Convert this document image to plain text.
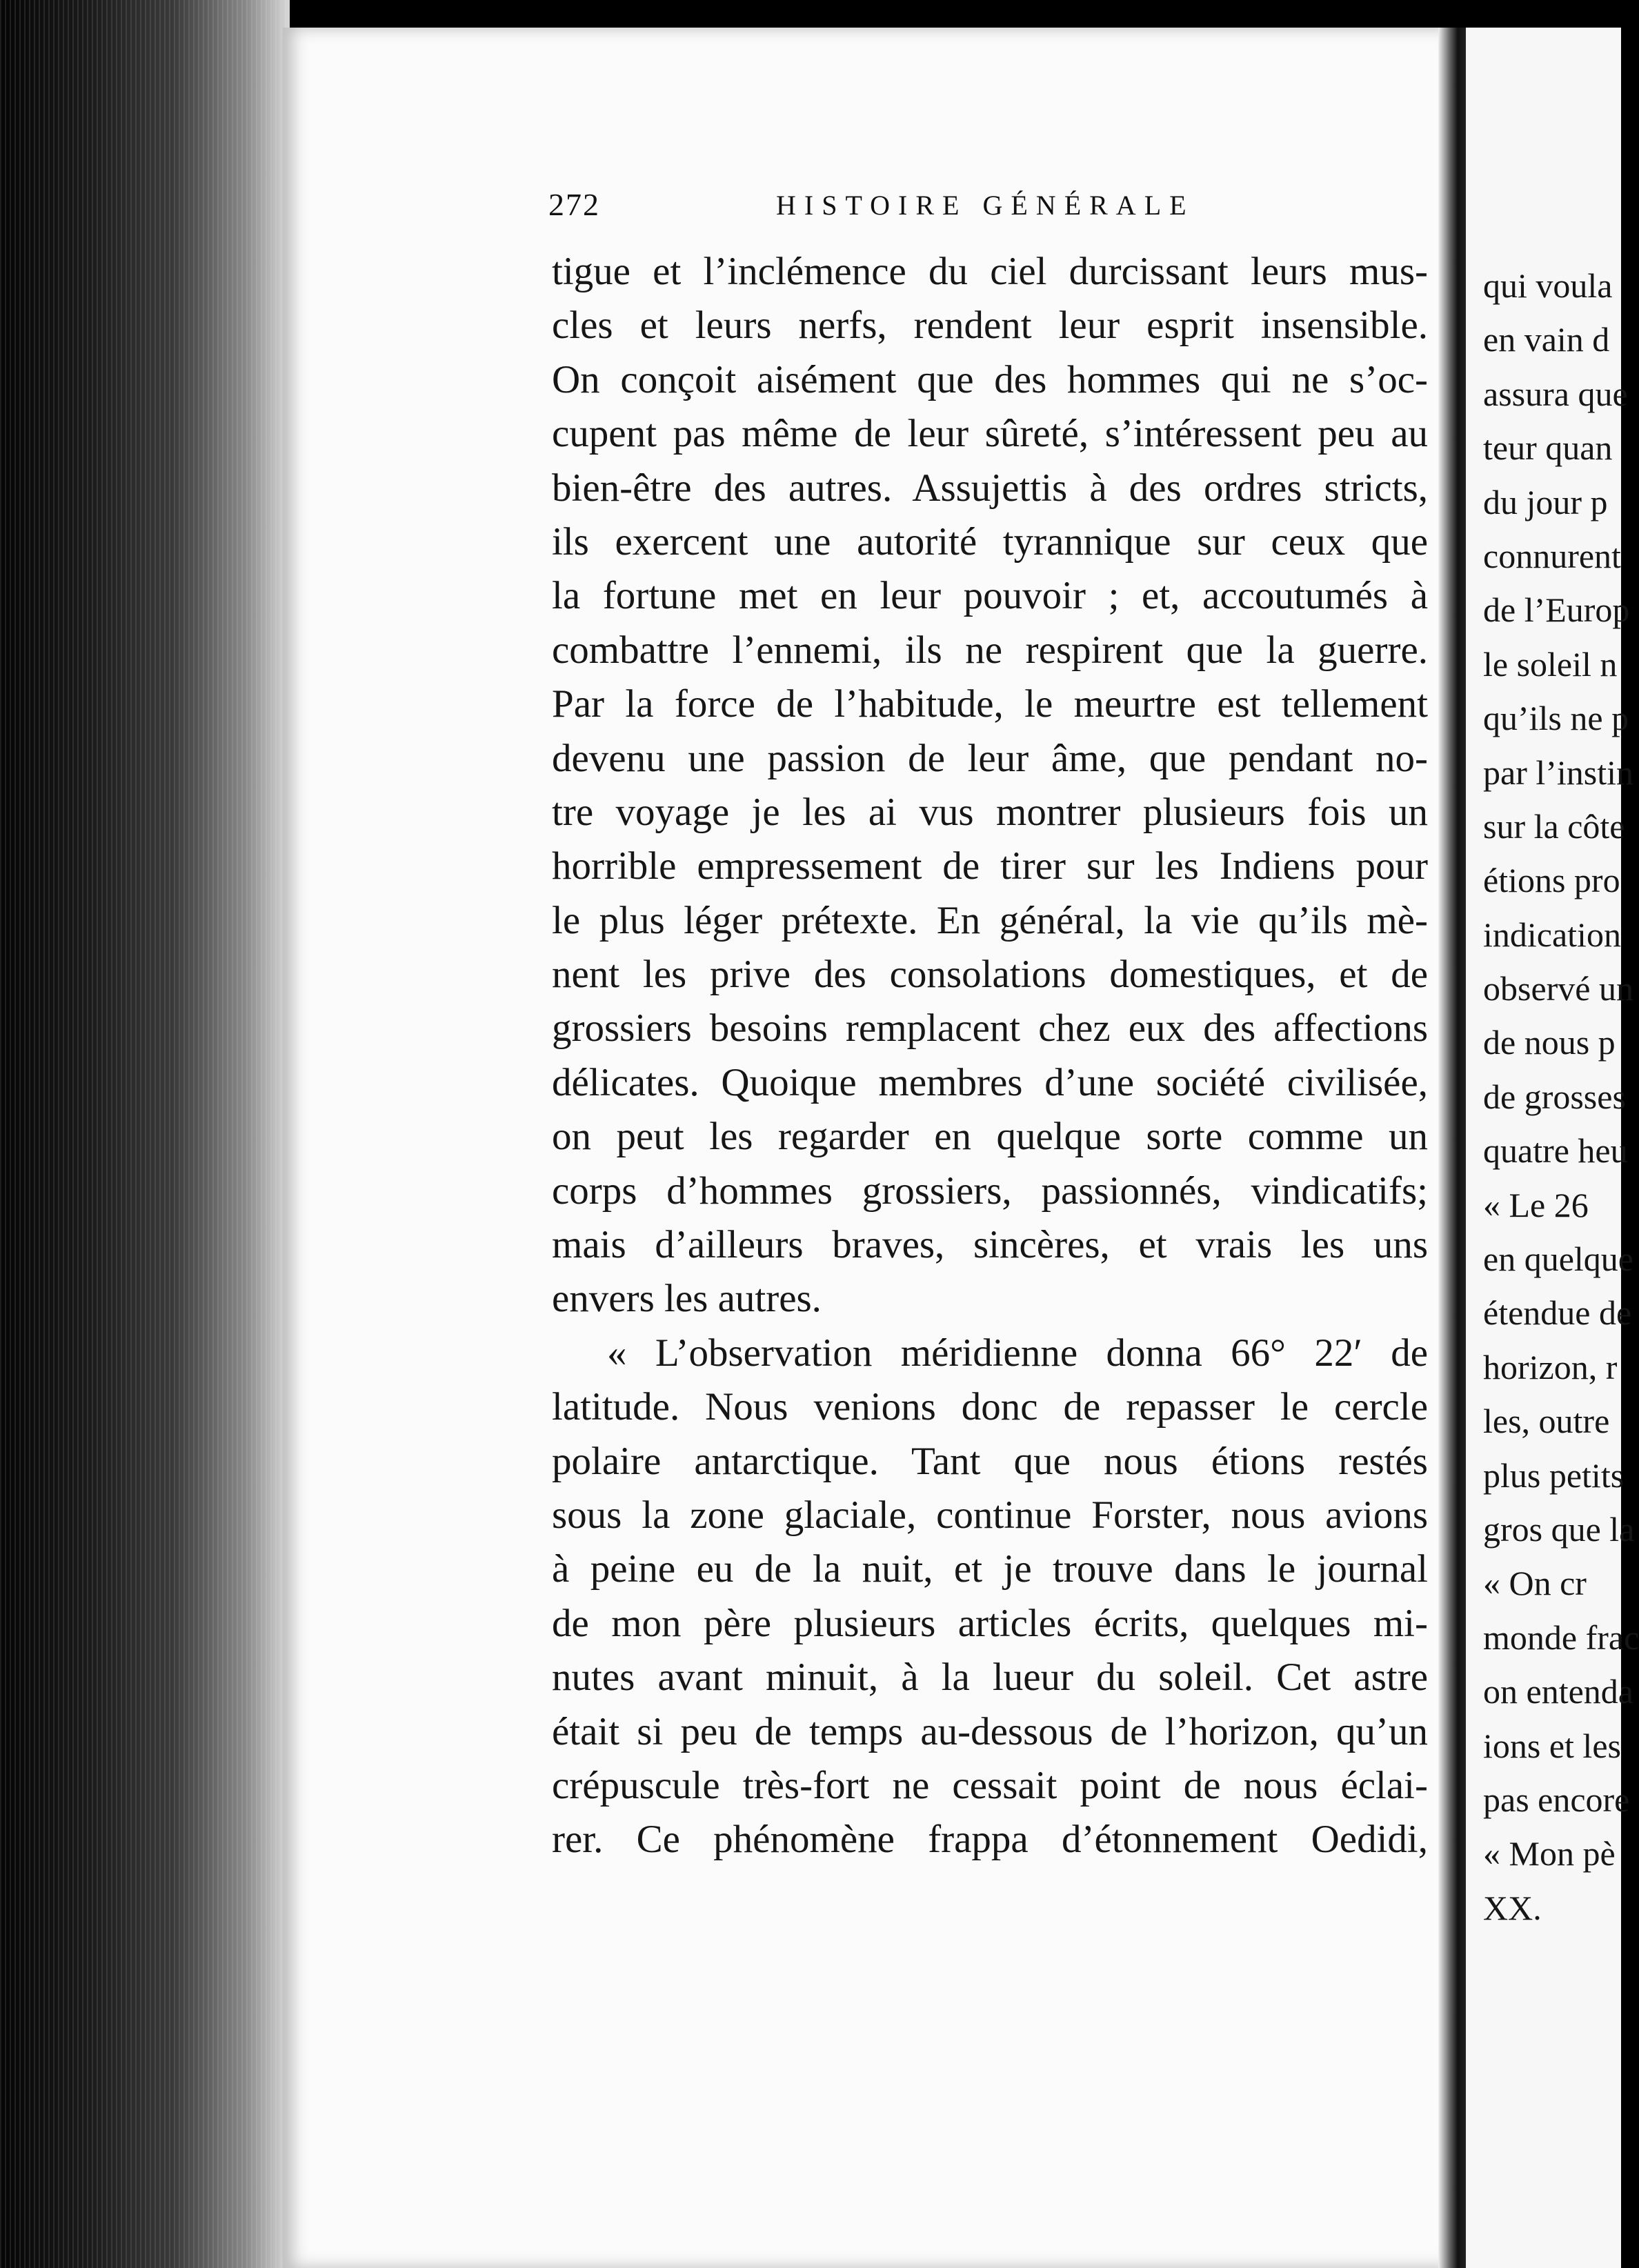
272	HISTOIRE GÉNÉRALE
tigue et l’inclémence du ciel durcissant leurs mus-
cles et leurs nerfs, rendent leur esprit insensible.
On conçoit aisément que des hommes qui ne s’oc-
cupent pas même de leur sûreté, s’intéressent peu au
bien-être des autres. Assujettis à des ordres stricts,
ils exercent une autorité tyrannique sur ceux que
la fortune met en leur pouvoir ; et, accoutumés à
combattre l’ennemi, ils ne respirent que la guerre.
Par la force de l’habitude, le meurtre est tellement
devenu une passion de leur âme, que pendant no-
tre voyage je les ai vus montrer plusieurs fois un
horrible empressement de tirer sur les Indiens pour
le plus léger prétexte. En général, la vie qu’ils mè-
nent les prive des consolations domestiques, et de
grossiers besoins remplacent chez eux des affections
délicates. Quoique membres d’une société civilisée,
on peut les regarder en quelque sorte comme un
corps d’hommes grossiers, passionnés, vindicatifs;
mais d’ailleurs braves, sincères, et vrais les uns
envers les autres.
« L’observation méridienne donna 66° 22′ de
latitude. Nous venions donc de repasser le cercle
polaire antarctique. Tant que nous étions restés
sous la zone glaciale, continue Forster, nous avions
à peine eu de la nuit, et je trouve dans le journal
de mon père plusieurs articles écrits, quelques mi-
nutes avant minuit, à la lueur du soleil. Cet astre
était si peu de temps au-dessous de l’horizon, qu’un
crépuscule très-fort ne cessait point de nous éclai-
rer. Ce phénomène frappa d’étonnement Oedidi,
qui voula
en vain d
assura que
teur quan
du jour p
connurent
de l’Europ
le soleil n
qu’ils ne p
par l’instin
sur la côte
étions pro
indication
observé un
de nous p
de grosses
quatre heu
« Le 26
en quelque
étendue de
horizon, r
les, outre
plus petits
gros que la
« On cr
monde frac
on entenda
ions et les
pas encore
« Mon pè
XX.
